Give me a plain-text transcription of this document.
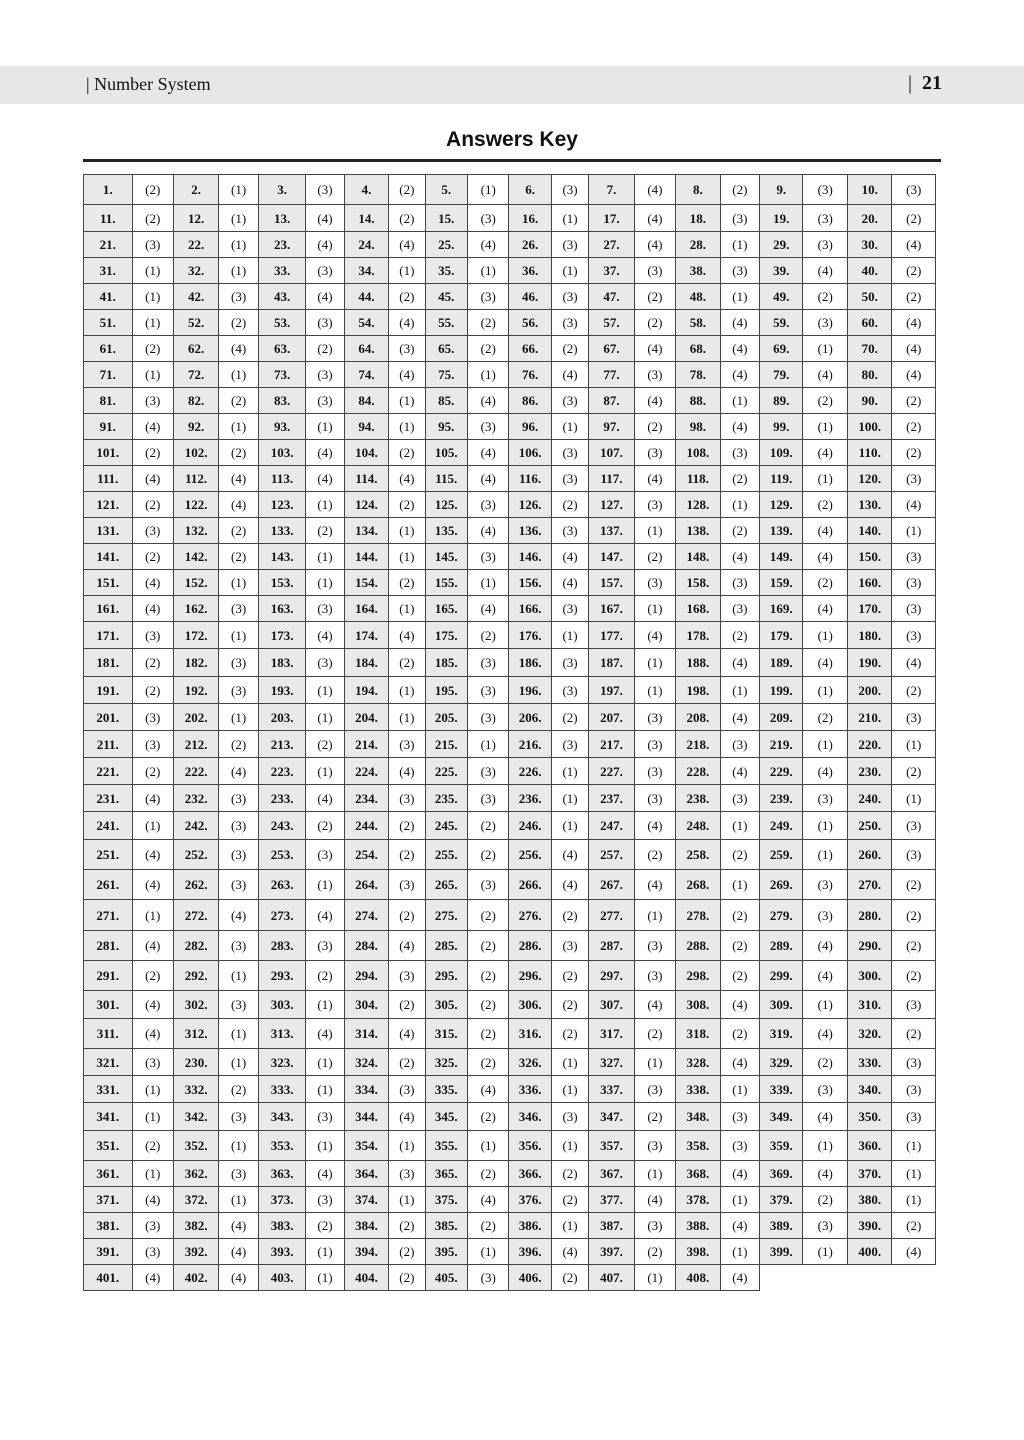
| Number System	| 21
Answers Key
1.	(2)	2.	(1)	3.	(3)	4.	(2)	5.	(1)	6.	(3)	7.	(4)	8.	(2)	9.	(3)	10.	(3)
11.	(2)	12.	(1)	13.	(4)	14.	(2)	15.	(3)	16.	(1)	17.	(4)	18.	(3)	19.	(3)	20.	(2)
21.	(3)	22.	(1)	23.	(4)	24.	(4)	25.	(4)	26.	(3)	27.	(4)	28.	(1)	29.	(3)	30.	(4)
31.	(1)	32.	(1)	33.	(3)	34.	(1)	35.	(1)	36.	(1)	37.	(3)	38.	(3)	39.	(4)	40.	(2)
41.	(1)	42.	(3)	43.	(4)	44.	(2)	45.	(3)	46.	(3)	47.	(2)	48.	(1)	49.	(2)	50.	(2)
51.	(1)	52.	(2)	53.	(3)	54.	(4)	55.	(2)	56.	(3)	57.	(2)	58.	(4)	59.	(3)	60.	(4)
61.	(2)	62.	(4)	63.	(2)	64.	(3)	65.	(2)	66.	(2)	67.	(4)	68.	(4)	69.	(1)	70.	(4)
71.	(1)	72.	(1)	73.	(3)	74.	(4)	75.	(1)	76.	(4)	77.	(3)	78.	(4)	79.	(4)	80.	(4)
81.	(3)	82.	(2)	83.	(3)	84.	(1)	85.	(4)	86.	(3)	87.	(4)	88.	(1)	89.	(2)	90.	(2)
91.	(4)	92.	(1)	93.	(1)	94.	(1)	95.	(3)	96.	(1)	97.	(2)	98.	(4)	99.	(1)	100.	(2)
101.	(2)	102.	(2)	103.	(4)	104.	(2)	105.	(4)	106.	(3)	107.	(3)	108.	(3)	109.	(4)	110.	(2)
111.	(4)	112.	(4)	113.	(4)	114.	(4)	115.	(4)	116.	(3)	117.	(4)	118.	(2)	119.	(1)	120.	(3)
121.	(2)	122.	(4)	123.	(1)	124.	(2)	125.	(3)	126.	(2)	127.	(3)	128.	(1)	129.	(2)	130.	(4)
131.	(3)	132.	(2)	133.	(2)	134.	(1)	135.	(4)	136.	(3)	137.	(1)	138.	(2)	139.	(4)	140.	(1)
141.	(2)	142.	(2)	143.	(1)	144.	(1)	145.	(3)	146.	(4)	147.	(2)	148.	(4)	149.	(4)	150.	(3)
151.	(4)	152.	(1)	153.	(1)	154.	(2)	155.	(1)	156.	(4)	157.	(3)	158.	(3)	159.	(2)	160.	(3)
161.	(4)	162.	(3)	163.	(3)	164.	(1)	165.	(4)	166.	(3)	167.	(1)	168.	(3)	169.	(4)	170.	(3)
171.	(3)	172.	(1)	173.	(4)	174.	(4)	175.	(2)	176.	(1)	177.	(4)	178.	(2)	179.	(1)	180.	(3)
181.	(2)	182.	(3)	183.	(3)	184.	(2)	185.	(3)	186.	(3)	187.	(1)	188.	(4)	189.	(4)	190.	(4)
191.	(2)	192.	(3)	193.	(1)	194.	(1)	195.	(3)	196.	(3)	197.	(1)	198.	(1)	199.	(1)	200.	(2)
201.	(3)	202.	(1)	203.	(1)	204.	(1)	205.	(3)	206.	(2)	207.	(3)	208.	(4)	209.	(2)	210.	(3)
211.	(3)	212.	(2)	213.	(2)	214.	(3)	215.	(1)	216.	(3)	217.	(3)	218.	(3)	219.	(1)	220.	(1)
221.	(2)	222.	(4)	223.	(1)	224.	(4)	225.	(3)	226.	(1)	227.	(3)	228.	(4)	229.	(4)	230.	(2)
231.	(4)	232.	(3)	233.	(4)	234.	(3)	235.	(3)	236.	(1)	237.	(3)	238.	(3)	239.	(3)	240.	(1)
241.	(1)	242.	(3)	243.	(2)	244.	(2)	245.	(2)	246.	(1)	247.	(4)	248.	(1)	249.	(1)	250.	(3)
251.	(4)	252.	(3)	253.	(3)	254.	(2)	255.	(2)	256.	(4)	257.	(2)	258.	(2)	259.	(1)	260.	(3)
261.	(4)	262.	(3)	263.	(1)	264.	(3)	265.	(3)	266.	(4)	267.	(4)	268.	(1)	269.	(3)	270.	(2)
271.	(1)	272.	(4)	273.	(4)	274.	(2)	275.	(2)	276.	(2)	277.	(1)	278.	(2)	279.	(3)	280.	(2)
281.	(4)	282.	(3)	283.	(3)	284.	(4)	285.	(2)	286.	(3)	287.	(3)	288.	(2)	289.	(4)	290.	(2)
291.	(2)	292.	(1)	293.	(2)	294.	(3)	295.	(2)	296.	(2)	297.	(3)	298.	(2)	299.	(4)	300.	(2)
301.	(4)	302.	(3)	303.	(1)	304.	(2)	305.	(2)	306.	(2)	307.	(4)	308.	(4)	309.	(1)	310.	(3)
311.	(4)	312.	(1)	313.	(4)	314.	(4)	315.	(2)	316.	(2)	317.	(2)	318.	(2)	319.	(4)	320.	(2)
321.	(3)	230.	(1)	323.	(1)	324.	(2)	325.	(2)	326.	(1)	327.	(1)	328.	(4)	329.	(2)	330.	(3)
331.	(1)	332.	(2)	333.	(1)	334.	(3)	335.	(4)	336.	(1)	337.	(3)	338.	(1)	339.	(3)	340.	(3)
341.	(1)	342.	(3)	343.	(3)	344.	(4)	345.	(2)	346.	(3)	347.	(2)	348.	(3)	349.	(4)	350.	(3)
351.	(2)	352.	(1)	353.	(1)	354.	(1)	355.	(1)	356.	(1)	357.	(3)	358.	(3)	359.	(1)	360.	(1)
361.	(1)	362.	(3)	363.	(4)	364.	(3)	365.	(2)	366.	(2)	367.	(1)	368.	(4)	369.	(4)	370.	(1)
371.	(4)	372.	(1)	373.	(3)	374.	(1)	375.	(4)	376.	(2)	377.	(4)	378.	(1)	379.	(2)	380.	(1)
381.	(3)	382.	(4)	383.	(2)	384.	(2)	385.	(2)	386.	(1)	387.	(3)	388.	(4)	389.	(3)	390.	(2)
391.	(3)	392.	(4)	393.	(1)	394.	(2)	395.	(1)	396.	(4)	397.	(2)	398.	(1)	399.	(1)	400.	(4)
401.	(4)	402.	(4)	403.	(1)	404.	(2)	405.	(3)	406.	(2)	407.	(1)	408.	(4)				
